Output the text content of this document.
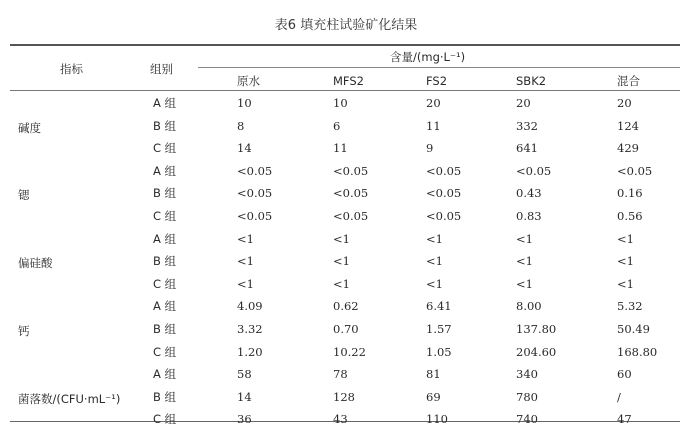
表6 填充柱试验矿化结果
指标	组别
含量/(mg·L⁻¹)
原水	MFS2	FS2	SBK2	混合
碱度
A 组	10	10	20	20	20
B 组	8	6	11	332	124
C 组	14	11	9	641	429
锶
A 组	<0.05	<0.05	<0.05	<0.05	<0.05
B 组	<0.05	<0.05	<0.05	0.43	0.16
C 组	<0.05	<0.05	<0.05	0.83	0.56
偏硅酸
A 组	<1	<1	<1	<1	<1
B 组	<1	<1	<1	<1	<1
C 组	<1	<1	<1	<1	<1
钙
A 组	4.09	0.62	6.41	8.00	5.32
B 组	3.32	0.70	1.57	137.80	50.49
C 组	1.20	10.22	1.05	204.60	168.80
菌落数/(CFU·mL⁻¹)
A 组	58	78	81	340	60
B 组	14	128	69	780	/
C 组	36	43	110	740	47
